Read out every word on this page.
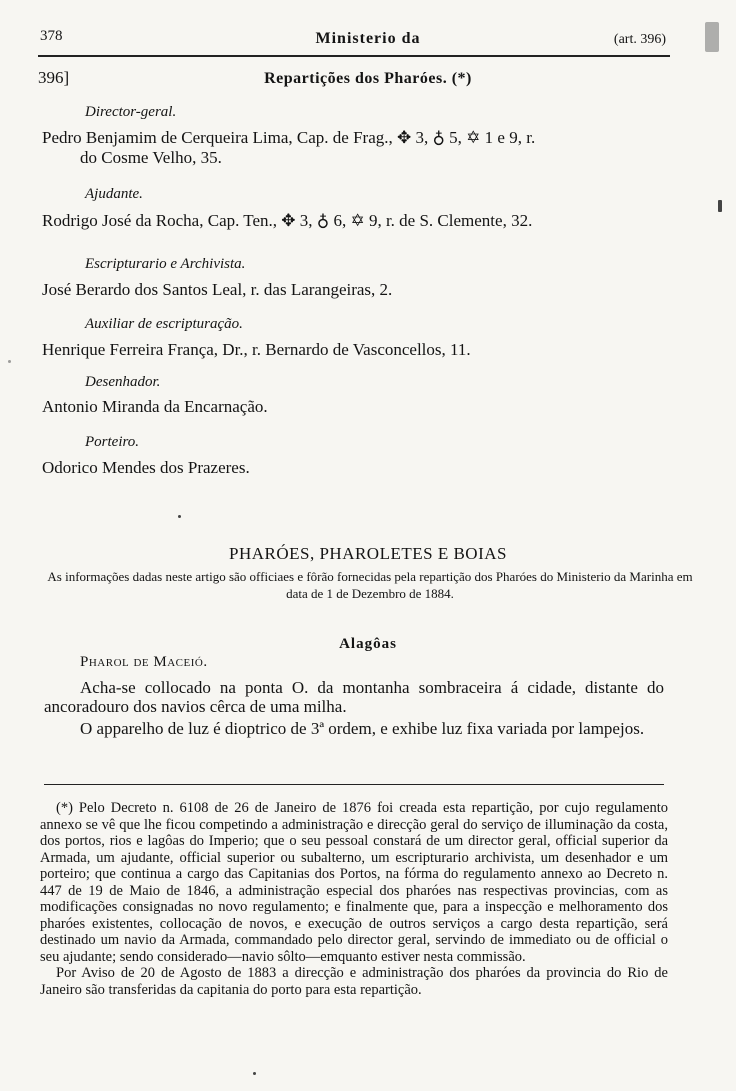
378	Ministerio da	(art. 396)
396]	Repartições dos Pharóes. (*)
Director-geral.
Pedro Benjamim de Cerqueira Lima, Cap. de Frag., ✥ 3, ♁ 5, ✡ 1 e 9, r.
do Cosme Velho, 35.
Ajudante.
Rodrigo José da Rocha, Cap. Ten., ✥ 3, ♁ 6, ✡ 9, r. de S. Clemente, 32.
Escripturario e Archivista.
José Berardo dos Santos Leal, r. das Larangeiras, 2.
Auxiliar de escripturação.
Henrique Ferreira França, Dr., r. Bernardo de Vasconcellos, 11.
Desenhador.
Antonio Miranda da Encarnação.
Porteiro.
Odorico Mendes dos Prazeres.
PHARÓES, PHAROLETES E BOIAS
As informações dadas neste artigo são officiaes e fôrão fornecidas pela repartição dos Pharóes do Ministerio da Marinha em data de 1 de Dezembro de 1884.
Alagôas
Pharol de Maceió.
Acha-se collocado na ponta O. da montanha sombraceira á cidade, distante do ancoradouro dos navios cêrca de uma milha.
O apparelho de luz é dioptrico de 3ª ordem, e exhibe luz fixa variada por lampejos.

(*) Pelo Decreto n. 6108 de 26 de Janeiro de 1876 foi creada esta repartição, por cujo regulamento annexo se vê que lhe ficou competindo a administração e direcção geral do serviço de illuminação da costa, dos portos, rios e lagôas do Imperio; que o seu pessoal constará de um director geral, official superior da Armada, um ajudante, official superior ou subalterno, um escripturario archivista, um desenhador e um porteiro; que continua a cargo das Capitanias dos Portos, na fórma do regulamento annexo ao Decreto n. 447 de 19 de Maio de 1846, a administração especial dos pharóes nas respectivas provincias, com as modificações consignadas no novo regulamento; e finalmente que, para a inspecção e melhoramento dos pharóes existentes, collocação de novos, e execução de outros serviços a cargo desta repartição, será destinado um navio da Armada, commandado pelo director geral, servindo de immediato ou de official o seu ajudante; sendo considerado—navio sôlto—emquanto estiver nesta commissão.

Por Aviso de 20 de Agosto de 1883 a direcção e administração dos pharóes da provincia do Rio de Janeiro são transferidas da capitania do porto para esta repartição.
